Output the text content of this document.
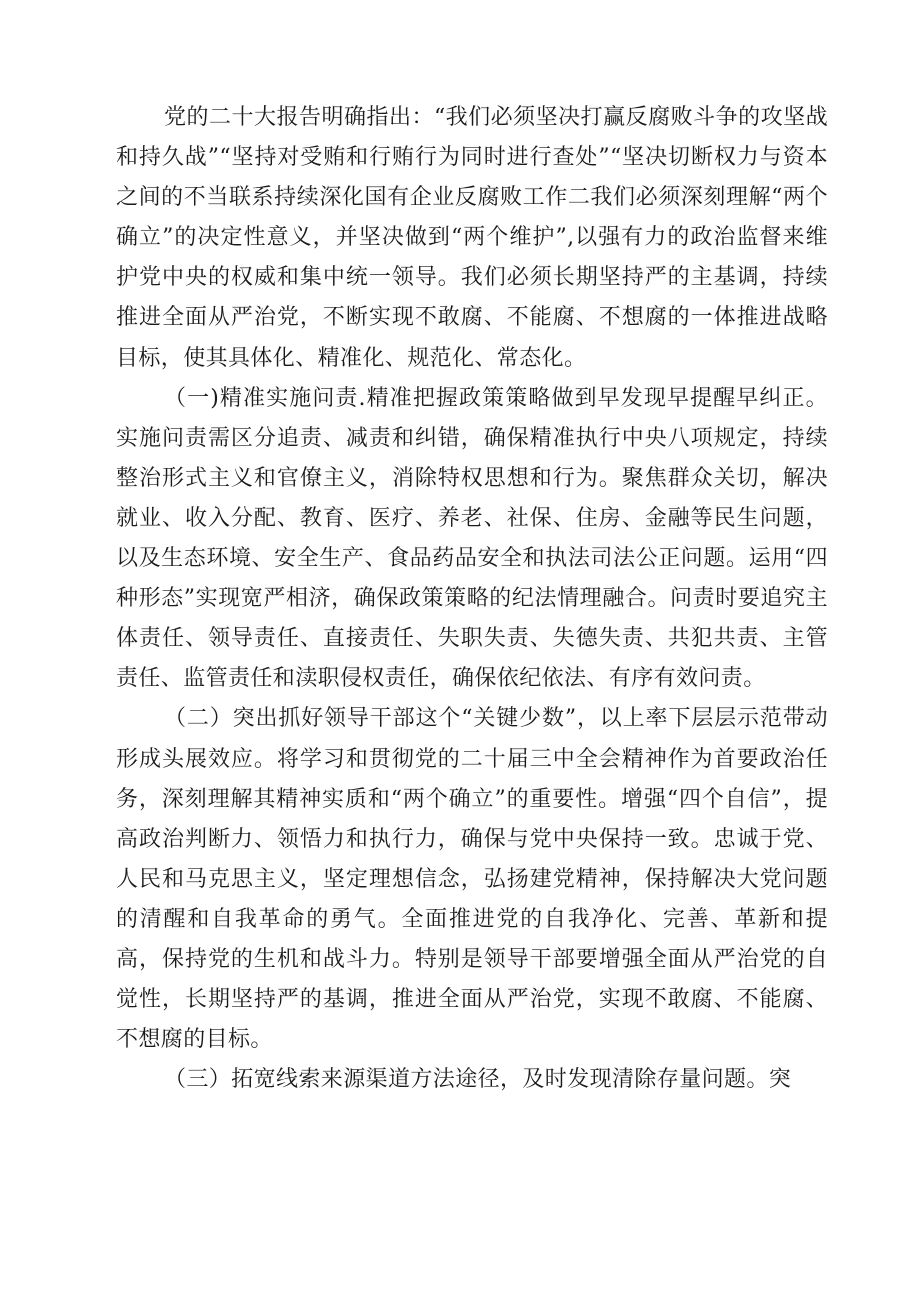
党的二十大报告明确指出：“我们必须坚决打赢反腐败斗争的攻坚战和持久战”“坚持对受贿和行贿行为同时进行查处”“坚决切断权力与资本之间的不当联系持续深化国有企业反腐败工作二我们必须深刻理解“两个确立”的决定性意义，并坚决做到“两个维护”,以强有力的政治监督来维护党中央的权威和集中统一领导。我们必须长期坚持严的主基调，持续推进全面从严治党，不断实现不敢腐、不能腐、不想腐的一体推进战略目标，使其具体化、精准化、规范化、常态化。

（一)精准实施问责.精准把握政策策略做到早发现早提醒早纠正。实施问责需区分追责、减责和纠错，确保精准执行中央八项规定，持续整治形式主义和官僚主义，消除特权思想和行为。聚焦群众关切，解决就业、收入分配、教育、医疗、养老、社保、住房、金融等民生问题，以及生态环境、安全生产、食品药品安全和执法司法公正问题。运用“四种形态”实现宽严相济，确保政策策略的纪法情理融合。问责时要追究主体责任、领导责任、直接责任、失职失责、失德失责、共犯共责、主管责任、监管责任和渎职侵权责任，确保依纪依法、有序有效问责。

（二）突出抓好领导干部这个“关键少数”，以上率下层层示范带动形成头展效应。将学习和贯彻党的二十届三中全会精神作为首要政治任务，深刻理解其精神实质和“两个确立”的重要性。增强“四个自信”，提高政治判断力、领悟力和执行力，确保与党中央保持一致。忠诚于党、人民和马克思主义，坚定理想信念，弘扬建党精神，保持解决大党问题的清醒和自我革命的勇气。全面推进党的自我净化、完善、革新和提高，保持党的生机和战斗力。特别是领导干部要增强全面从严治党的自觉性，长期坚持严的基调，推进全面从严治党，实现不敢腐、不能腐、不想腐的目标。

（三）拓宽线索来源渠道方法途径，及时发现清除存量问题。突
